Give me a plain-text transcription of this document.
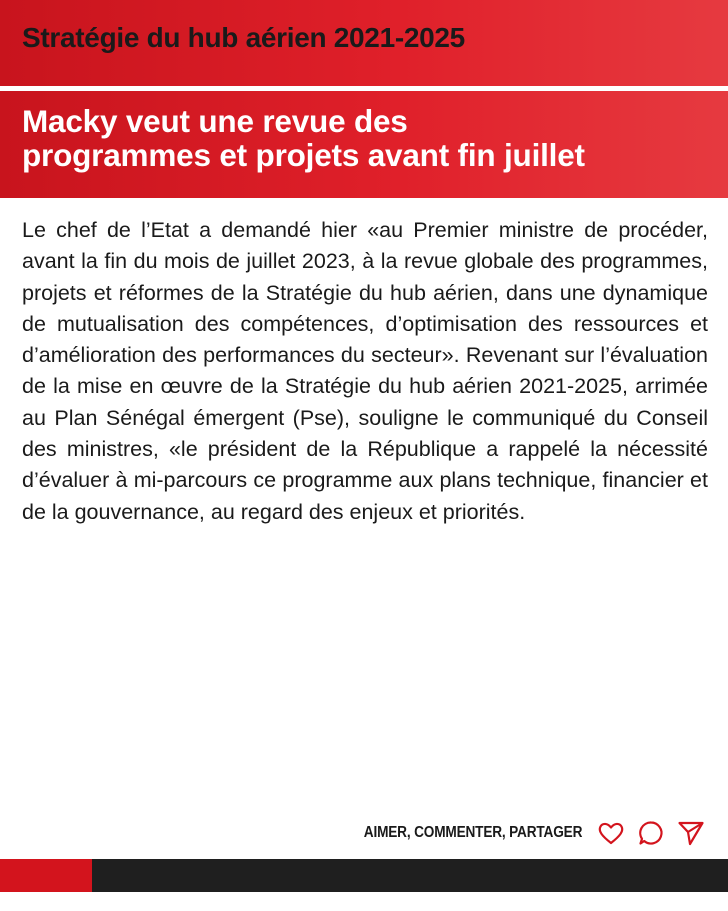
Stratégie du hub aérien 2021-2025
Macky veut une revue des
programmes et projets avant fin juillet

Le chef de l’Etat a demandé hier «au Premier ministre de procéder, avant la fin du mois de juillet 2023, à la revue globale des programmes, projets et réformes de la Stratégie du hub aérien, dans une dynamique de mutualisation des compétences, d’optimisation des ressources et d’amélioration des performances du secteur». Revenant sur l’évaluation de la mise en œuvre de la Stratégie du hub aérien 2021-2025, arrimée au Plan Sénégal émergent (Pse), souligne le communiqué du Conseil des ministres, «le président de la République a rappelé la nécessité d’évaluer à mi-parcours ce programme aux plans technique, financier et de la gouvernance, au regard des enjeux et priorités.

AIMER, COMMENTER, PARTAGER
